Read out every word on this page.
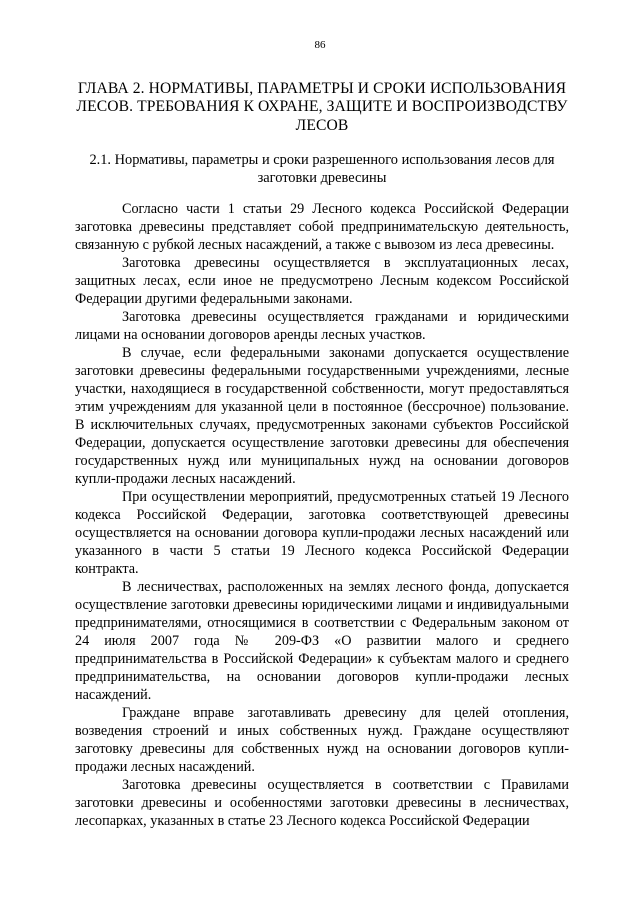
86
ГЛАВА 2. НОРМАТИВЫ, ПАРАМЕТРЫ И СРОКИ ИСПОЛЬЗОВАНИЯ ЛЕСОВ. ТРЕБОВАНИЯ К ОХРАНЕ, ЗАЩИТЕ И ВОСПРОИЗВОДСТВУ ЛЕСОВ
2.1. Нормативы, параметры и сроки разрешенного использования лесов для заготовки древесины

Согласно части 1 статьи 29 Лесного кодекса Российской Федерации заготовка древесины представляет собой предпринимательскую деятельность, связанную с рубкой лесных насаждений, а также с вывозом из леса древесины.

Заготовка древесины осуществляется в эксплуатационных лесах, защитных лесах, если иное не предусмотрено Лесным кодексом Российской Федерации другими федеральными законами.

Заготовка древесины осуществляется гражданами и юридическими лицами на основании договоров аренды лесных участков.

В случае, если федеральными законами допускается осуществление заготовки древесины федеральными государственными учреждениями, лесные участки, находящиеся в государственной собственности, могут предоставляться этим учреждениям для указанной цели в постоянное (бессрочное) пользование. В исключительных случаях, предусмотренных законами субъектов Российской Федерации, допускается осуществление заготовки древесины для обеспечения государственных нужд или муниципальных нужд на основании договоров купли-продажи лесных насаждений.

При осуществлении мероприятий, предусмотренных статьей 19 Лесного кодекса Российской Федерации, заготовка соответствующей древесины осуществляется на основании договора купли-продажи лесных насаждений или указанного в части 5 статьи 19 Лесного кодекса Российской Федерации контракта.

В лесничествах, расположенных на землях лесного фонда, допускается осуществление заготовки древесины юридическими лицами и индивидуальными предпринимателями, относящимися в соответствии с Федеральным законом от 24 июля 2007 года № 209-ФЗ «О развитии малого и среднего предпринимательства в Российской Федерации» к субъектам малого и среднего предпринимательства, на основании договоров купли-продажи лесных насаждений.

Граждане вправе заготавливать древесину для целей отопления, возведения строений и иных собственных нужд. Граждане осуществляют заготовку древесины для собственных нужд на основании договоров купли-продажи лесных насаждений.

Заготовка древесины осуществляется в соответствии с Правилами заготовки древесины и особенностями заготовки древесины в лесничествах, лесопарках, указанных в статье 23 Лесного кодекса Российской Федерации
